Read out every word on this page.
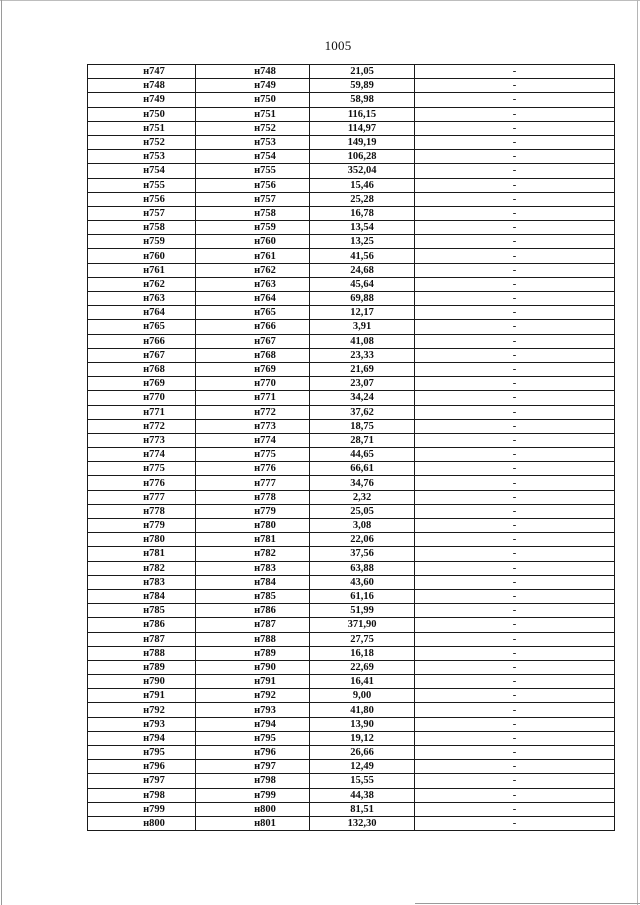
1005
н747	н748	21,05	-
н748	н749	59,89	-
н749	н750	58,98	-
н750	н751	116,15	-
н751	н752	114,97	-
н752	н753	149,19	-
н753	н754	106,28	-
н754	н755	352,04	-
н755	н756	15,46	-
н756	н757	25,28	-
н757	н758	16,78	-
н758	н759	13,54	-
н759	н760	13,25	-
н760	н761	41,56	-
н761	н762	24,68	-
н762	н763	45,64	-
н763	н764	69,88	-
н764	н765	12,17	-
н765	н766	3,91	-
н766	н767	41,08	-
н767	н768	23,33	-
н768	н769	21,69	-
н769	н770	23,07	-
н770	н771	34,24	-
н771	н772	37,62	-
н772	н773	18,75	-
н773	н774	28,71	-
н774	н775	44,65	-
н775	н776	66,61	-
н776	н777	34,76	-
н777	н778	2,32	-
н778	н779	25,05	-
н779	н780	3,08	-
н780	н781	22,06	-
н781	н782	37,56	-
н782	н783	63,88	-
н783	н784	43,60	-
н784	н785	61,16	-
н785	н786	51,99	-
н786	н787	371,90	-
н787	н788	27,75	-
н788	н789	16,18	-
н789	н790	22,69	-
н790	н791	16,41	-
н791	н792	9,00	-
н792	н793	41,80	-
н793	н794	13,90	-
н794	н795	19,12	-
н795	н796	26,66	-
н796	н797	12,49	-
н797	н798	15,55	-
н798	н799	44,38	-
н799	н800	81,51	-
н800	н801	132,30	-
